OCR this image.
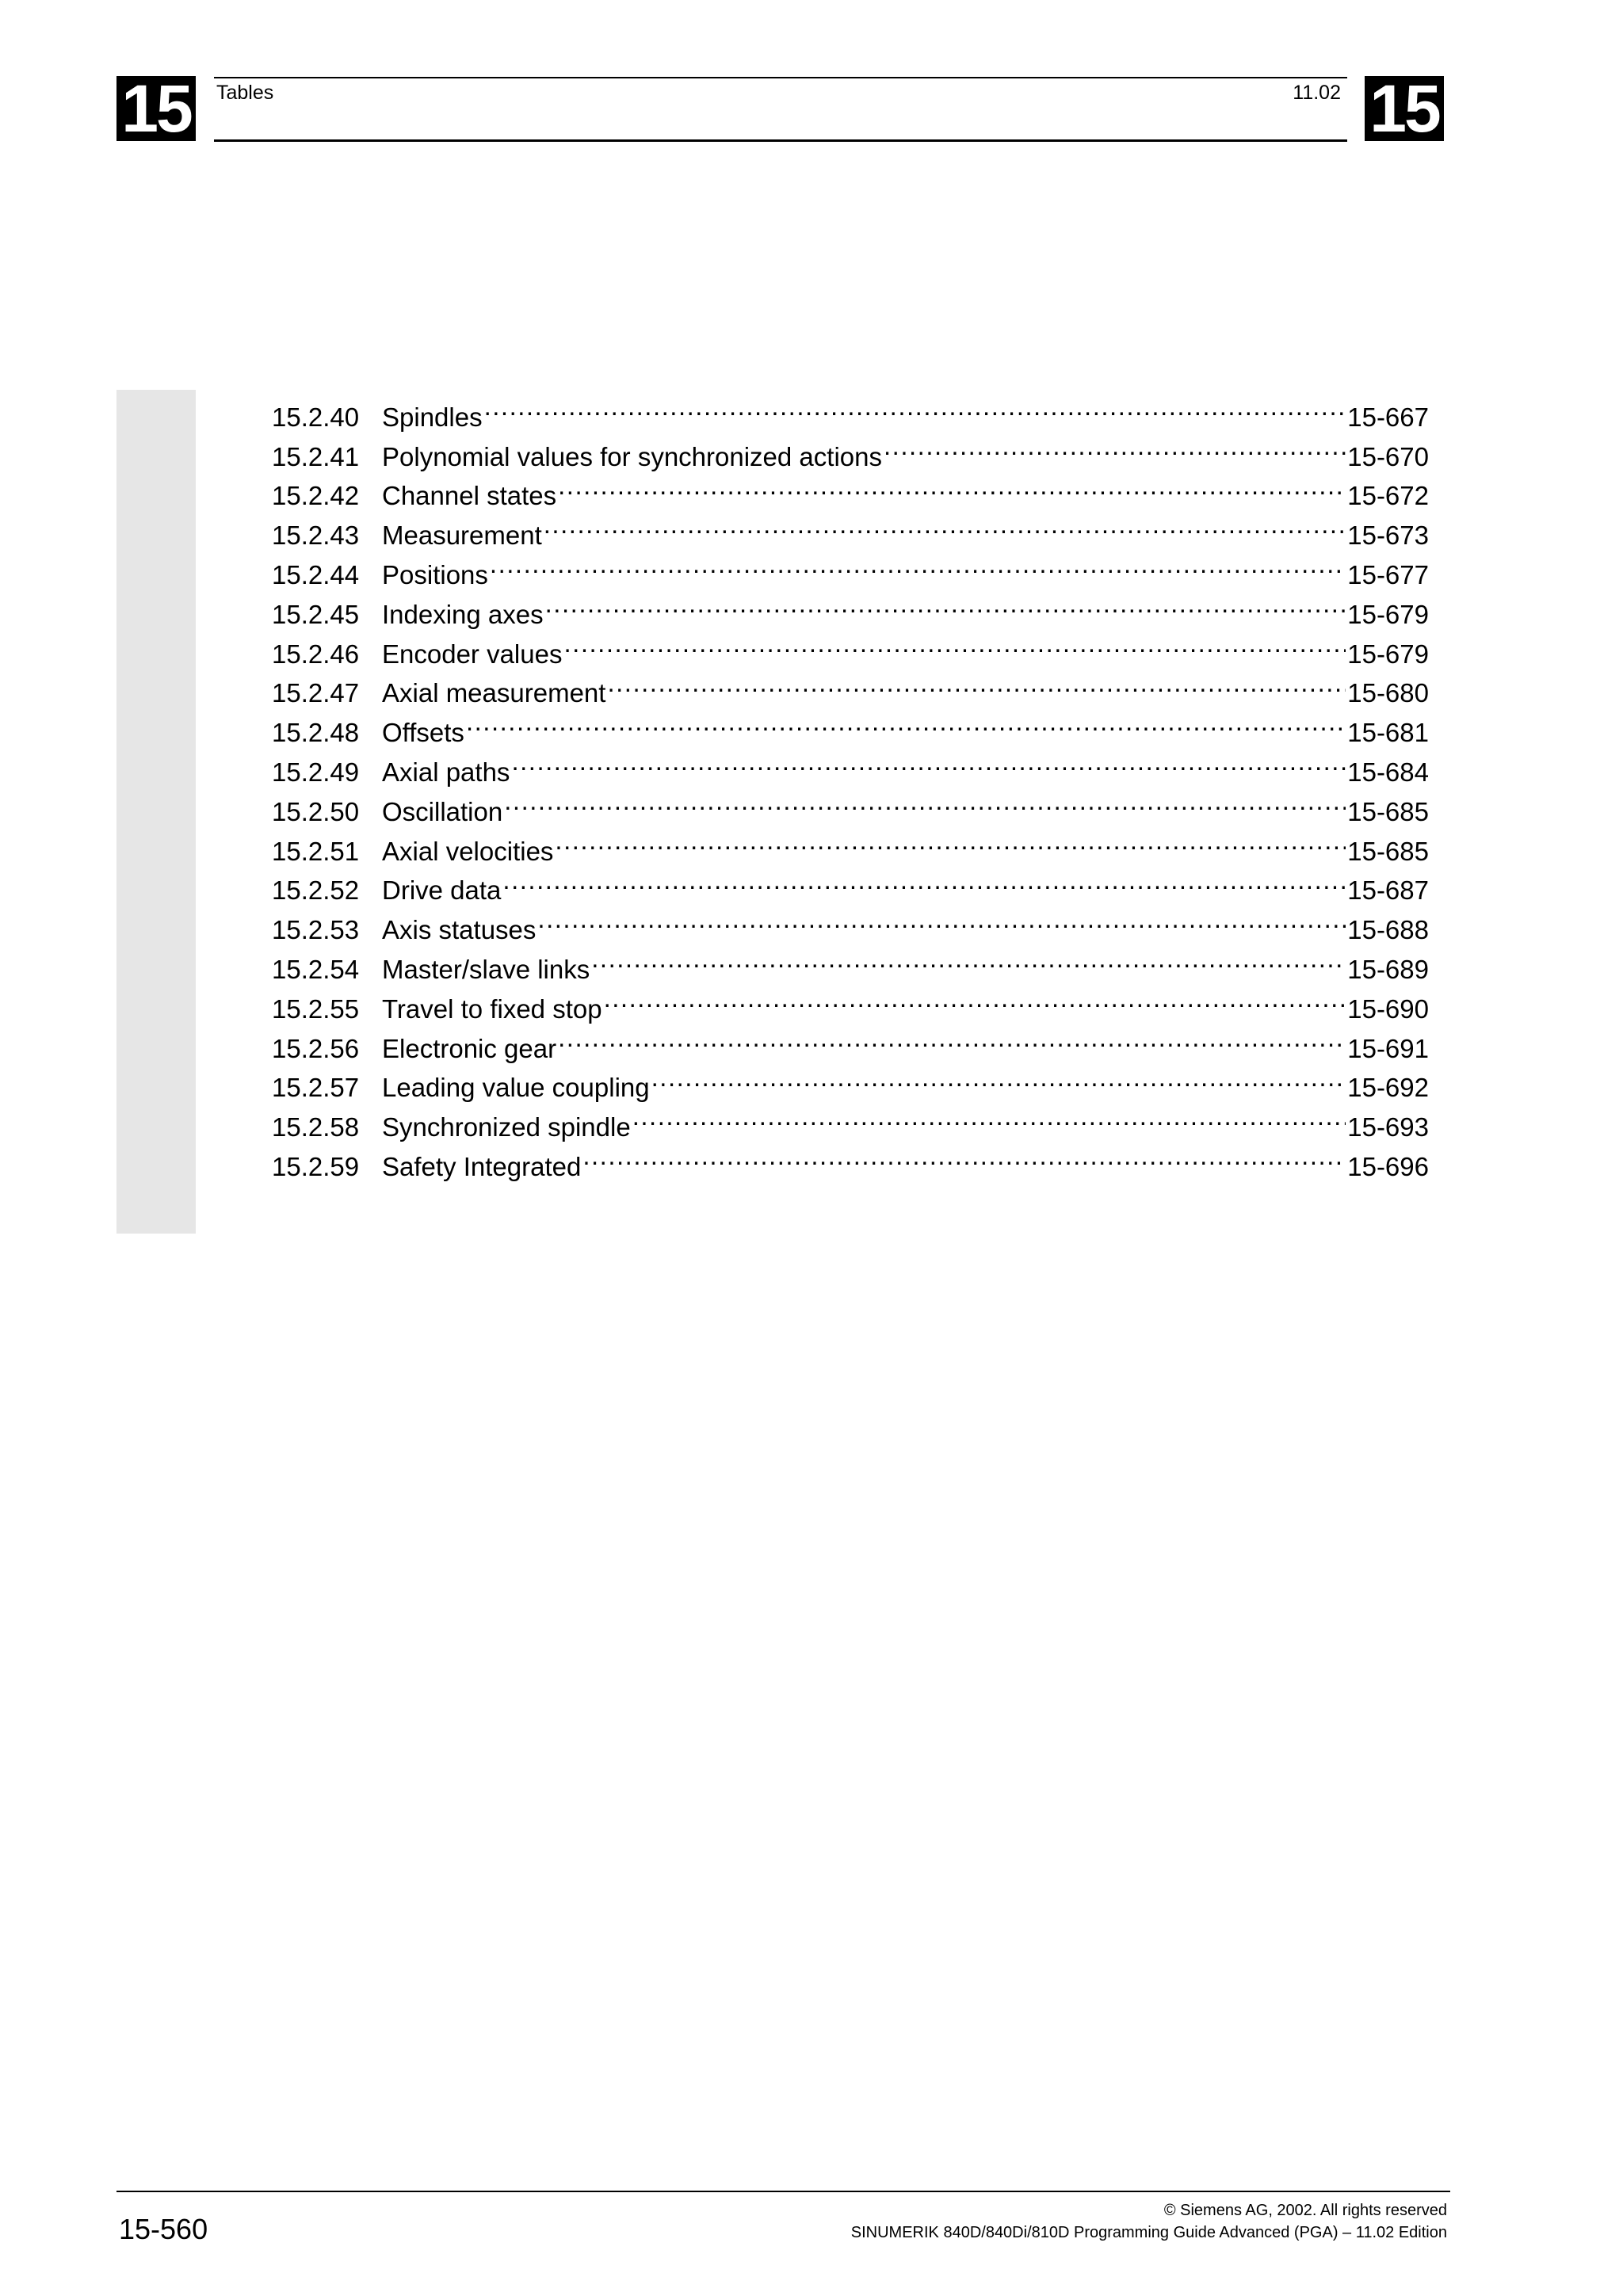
15 Tables	11.02 15
15.2.40 Spindles .....	15-667
15.2.41 Polynomial values for synchronized actions .....	15-670
15.2.42 Channel states .....	15-672
15.2.43 Measurement .....	15-673
15.2.44 Positions .....	15-677
15.2.45 Indexing axes .....	15-679
15.2.46 Encoder values .....	15-679
15.2.47 Axial measurement .....	15-680
15.2.48 Offsets .....	15-681
15.2.49 Axial paths .....	15-684
15.2.50 Oscillation .....	15-685
15.2.51 Axial velocities .....	15-685
15.2.52 Drive data .....	15-687
15.2.53 Axis statuses .....	15-688
15.2.54 Master/slave links .....	15-689
15.2.55 Travel to fixed stop .....	15-690
15.2.56 Electronic gear .....	15-691
15.2.57 Leading value coupling .....	15-692
15.2.58 Synchronized spindle .....	15-693
15.2.59 Safety Integrated .....	15-696
15-560
© Siemens AG, 2002. All rights reserved
SINUMERIK 840D/840Di/810D Programming Guide Advanced (PGA) – 11.02 Edition
